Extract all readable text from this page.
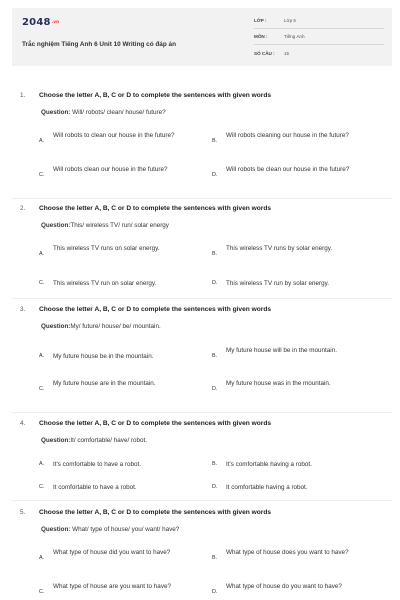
$2048^{.vn}$
Trắc nghiệm Tiếng Anh 6 Unit 10 Writing có đáp án
LỚP :	Lớp 6
MÔN :	Tiếng Anh
SỐ CÂU : 15
1. Choose the letter A, B, C or D to complete the sentences with given words
Question: Will/ robots/ clean/ house/ future?
A.
Will robots to clean our house in the future?
B.
Will robots cleaning our house in the future?
C.
Will robots clean our house in the future?
D.
Will robots be clean our house in the future?
2. Choose the letter A, B, C or D to complete the sentences with given words
Question:This/ wireless TV/ run/ solar energy
A.
This wireless TV runs on solar energy.
B.
This wireless TV runs by solar energy.
C. This wireless TV run on solar energy.	D. This wireless TV run by solar energy.
3. Choose the letter A, B, C or D to complete the sentences with given words
Question:My/ future/ house/ be/ mountain.
A. My future house be in the mountain.	B.
My future house will be in the mountain.
C.
My future house are in the mountain.
D.
My future house was in the mountain.
4. Choose the letter A, B, C or D to complete the sentences with given words
Question:It/ comfortable/ have/ robot.
A. It's comfortable to have a robot.	B. It's comfortable having a robot.
C. It comfortable to have a robot.	D. It comfortable having a robot.
5. Choose the letter A, B, C or D to complete the sentences with given words
Question: What/ type of house/ you/ want/ have?
A.
What type of house did you want to have?
B.
What type of house does you want to have?
C.
What type of house are you want to have?
D.
What type of house do you want to have?
